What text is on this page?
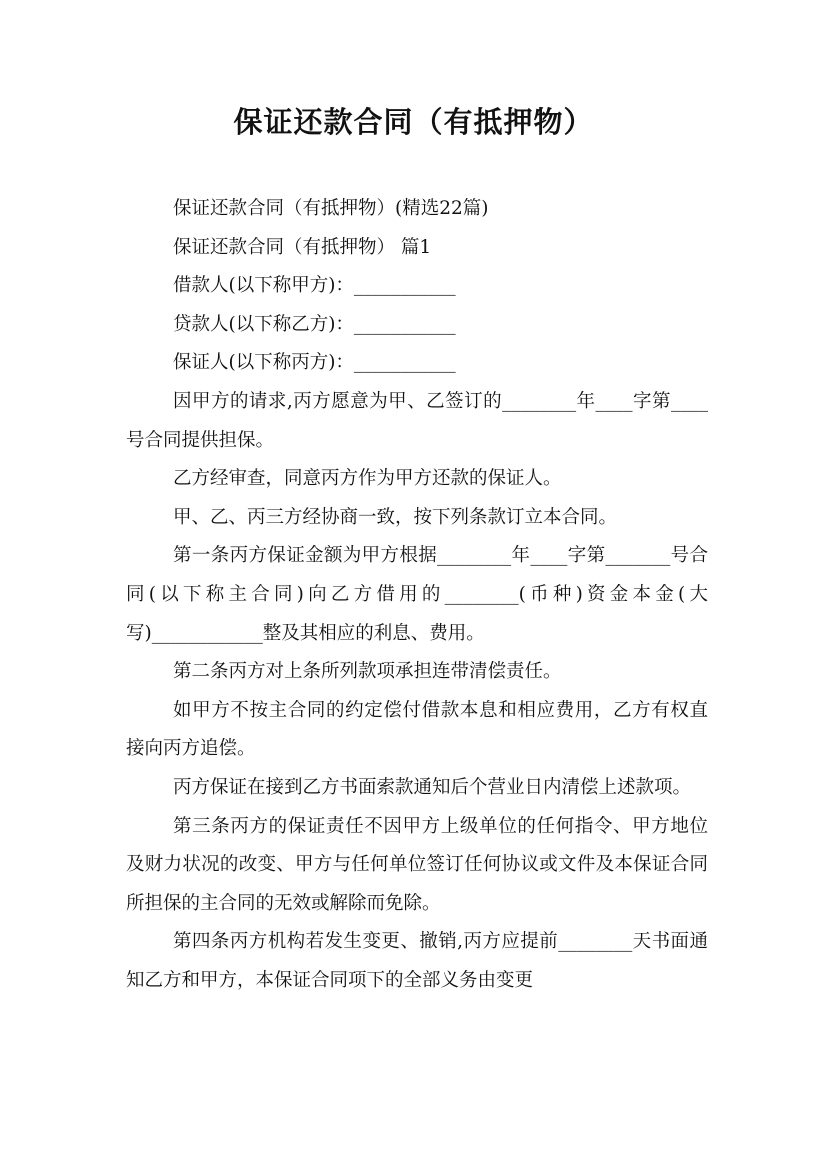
保证还款合同（有抵押物）

保证还款合同（有抵押物）(精选22篇)

保证还款合同（有抵押物） 篇1

借款人(以下称甲方)：___________

贷款人(以下称乙方)：___________

保证人(以下称丙方)：___________

因甲方的请求,丙方愿意为甲、乙签订的________年____字第____号合同提供担保。

乙方经审查，同意丙方作为甲方还款的保证人。

甲、乙、丙三方经协商一致，按下列条款订立本合同。

第一条丙方保证金额为甲方根据________年____字第_______号合同(以下称主合同)向乙方借用的________(币种)资金本金(大写)____________整及其相应的利息、费用。

第二条丙方对上条所列款项承担连带清偿责任。

如甲方不按主合同的约定偿付借款本息和相应费用，乙方有权直接向丙方追偿。

丙方保证在接到乙方书面索款通知后个营业日内清偿上述款项。

第三条丙方的保证责任不因甲方上级单位的任何指令、甲方地位及财力状况的改变、甲方与任何单位签订任何协议或文件及本保证合同所担保的主合同的无效或解除而免除。

第四条丙方机构若发生变更、撤销,丙方应提前________天书面通知乙方和甲方，本保证合同项下的全部义务由变更
